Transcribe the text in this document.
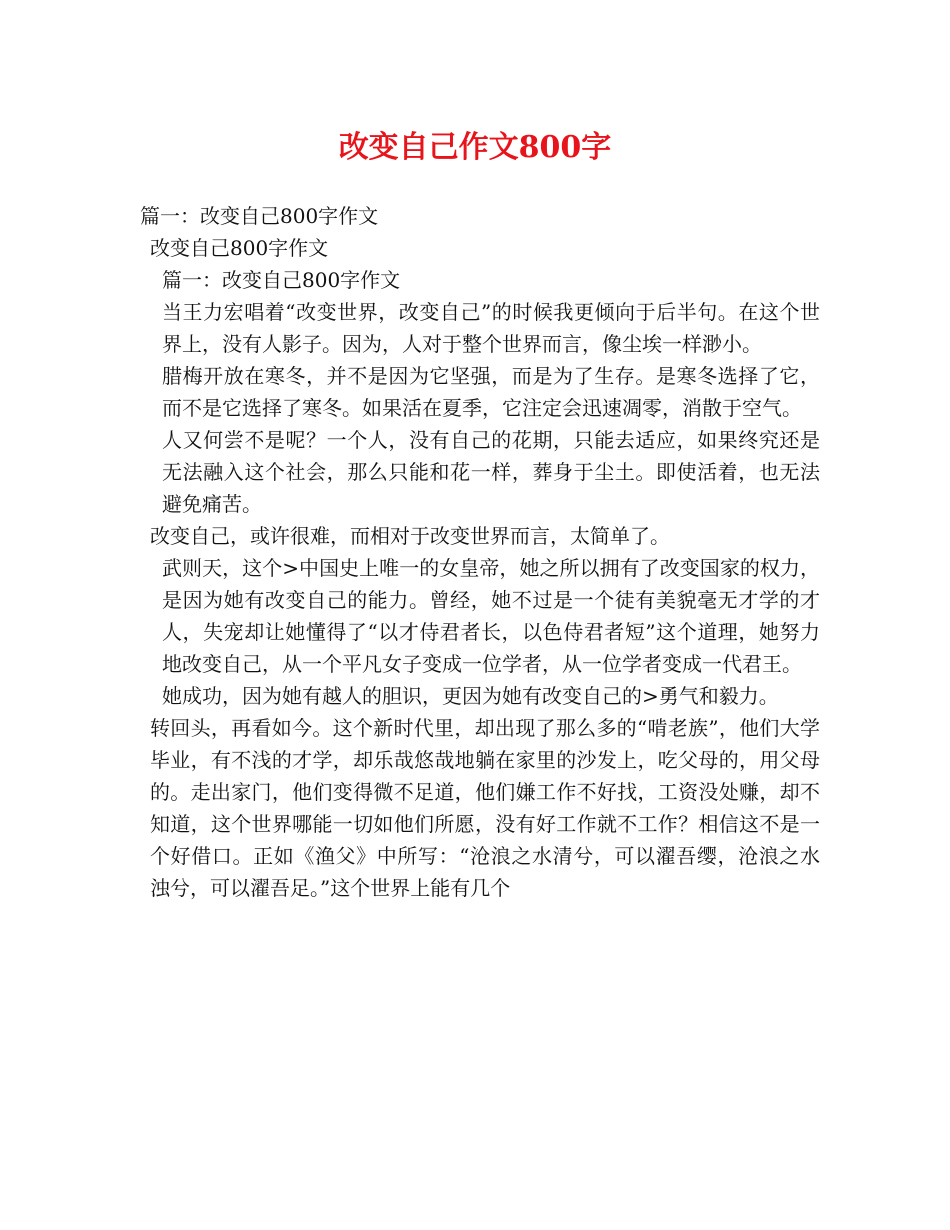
改变自己作文800字

篇一：改变自己800字作文

改变自己800字作文

篇一：改变自己800字作文

当王力宏唱着“改变世界，改变自己”的时候我更倾向于后半句。在这个世界上，没有人影子。因为，人对于整个世界而言，像尘埃一样渺小。

腊梅开放在寒冬，并不是因为它坚强，而是为了生存。是寒冬选择了它，而不是它选择了寒冬。如果活在夏季，它注定会迅速凋零，消散于空气。

人又何尝不是呢？一个人，没有自己的花期，只能去适应，如果终究还是无法融入这个社会，那么只能和花一样，葬身于尘土。即使活着，也无法避免痛苦。

改变自己，或许很难，而相对于改变世界而言，太简单了。

武则天，这个>中国史上唯一的女皇帝，她之所以拥有了改变国家的权力，是因为她有改变自己的能力。曾经，她不过是一个徒有美貌毫无才学的才人，失宠却让她懂得了“以才侍君者长，以色侍君者短”这个道理，她努力地改变自己，从一个平凡女子变成一位学者，从一位学者变成一代君王。

她成功，因为她有越人的胆识，更因为她有改变自己的>勇气和毅力。

转回头，再看如今。这个新时代里，却出现了那么多的“啃老族”，他们大学毕业，有不浅的才学，却乐哉悠哉地躺在家里的沙发上，吃父母的，用父母的。走出家门，他们变得微不足道，他们嫌工作不好找，工资没处赚，却不知道，这个世界哪能一切如他们所愿，没有好工作就不工作？相信这不是一个好借口。正如《渔父》中所写：“沧浪之水清兮，可以濯吾缨，沧浪之水浊兮，可以濯吾足。”这个世界上能有几个
